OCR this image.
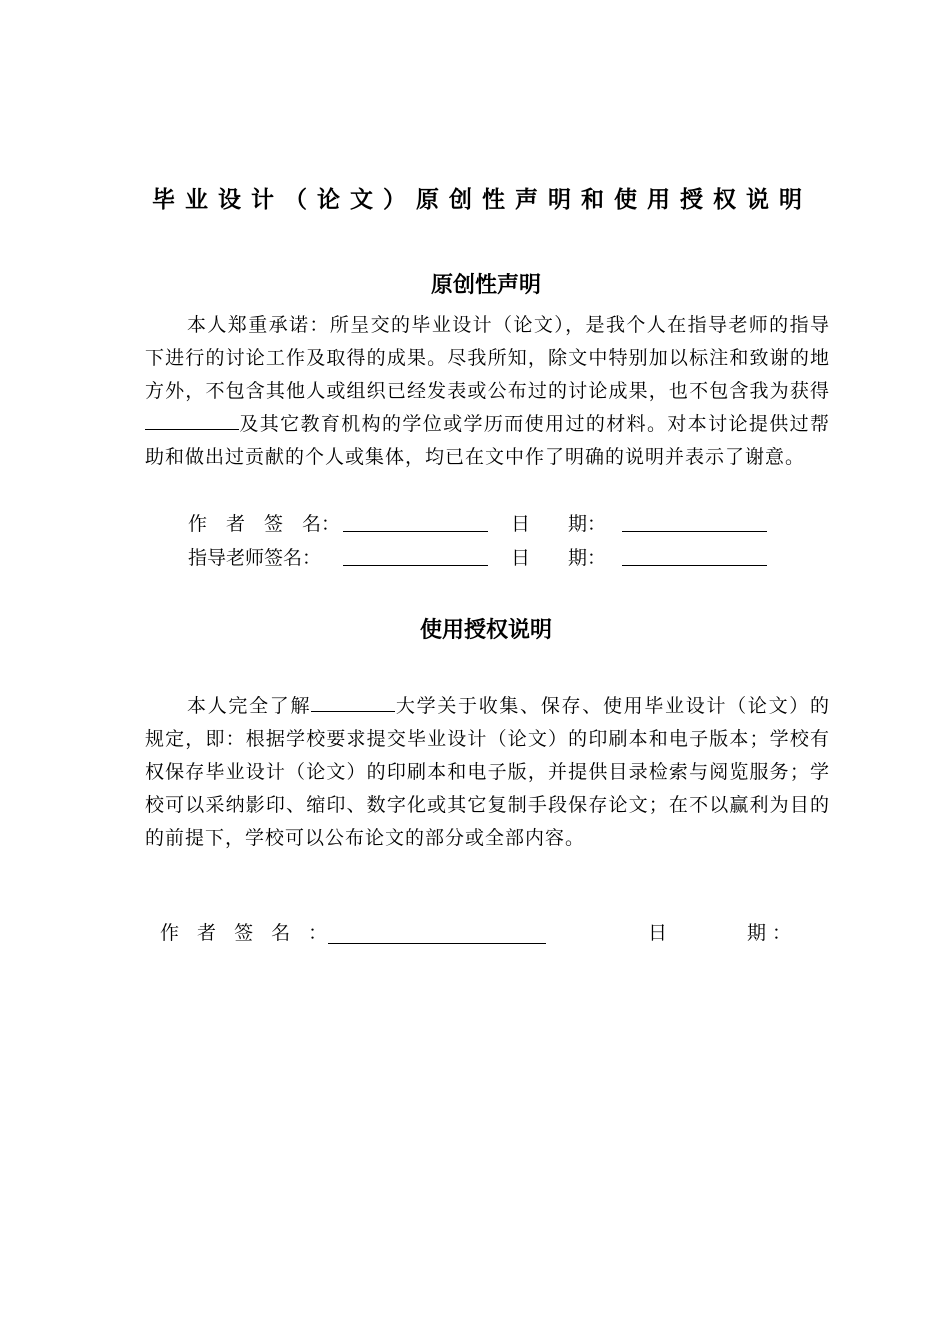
毕业设计（论文）原创性声明和使用授权说明
原创性声明

本人郑重承诺：所呈交的毕业设计（论文），是我个人在指导老师的指导下进行的讨论工作及取得的成果。尽我所知，除文中特别加以标注和致谢的地方外，不包含其他人或组织已经发表或公布过的讨论成果，也不包含我为获得及其它教育机构的学位或学历而使用过的材料。对本讨论提供过帮助和做出过贡献的个人或集体，均已在文中作了明确的说明并表示了谢意。

作　者　签　名：	日　　期：
指导老师签名：	日　　期：
使用授权说明

本人完全了解	大学关于收集、保存、使用毕业设计（论文）的规定，即：根据学校要求提交毕业设计（论文）的印刷本和电子版本；学校有权保存毕业设计（论文）的印刷本和电子版，并提供目录检索与阅览服务；学校可以采纳影印、缩印、数字化或其它复制手段保存论文；在不以赢利为目的的前提下，学校可以公布论文的部分或全部内容。

作 者 签 名 ：	日	期 ：
